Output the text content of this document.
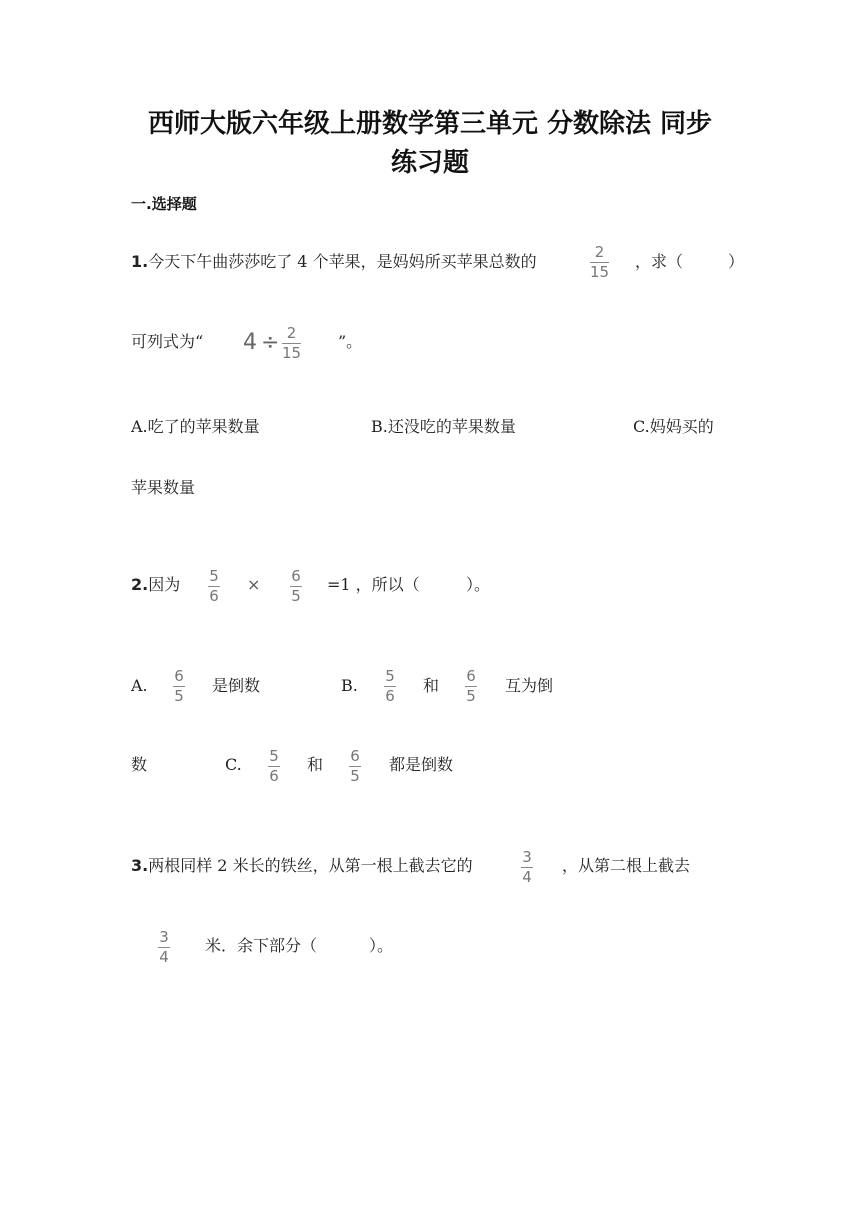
西师大版六年级上册数学第三单元 分数除法 同步
练习题
一.选择题
1.今天下午曲莎莎吃了 4 个苹果，是妈妈所买苹果总数的	2
15
，求（	）
可列式为“ 4 ÷ 2
15
”。
A.吃了的苹果数量	B.还没吃的苹果数量	C.妈妈买的
苹果数量
2.因为 5
6
× 6
5
=1 ，所以（	）。
A. 6
5
是倒数	B. 5
6
和 6
5
互为倒
数	C. 5
6
和 6
5
都是倒数
3.两根同样 2 米长的铁丝，从第一根上截去它的	3
4
，从第二根上截去
3
4
米．余下部分（	）。
